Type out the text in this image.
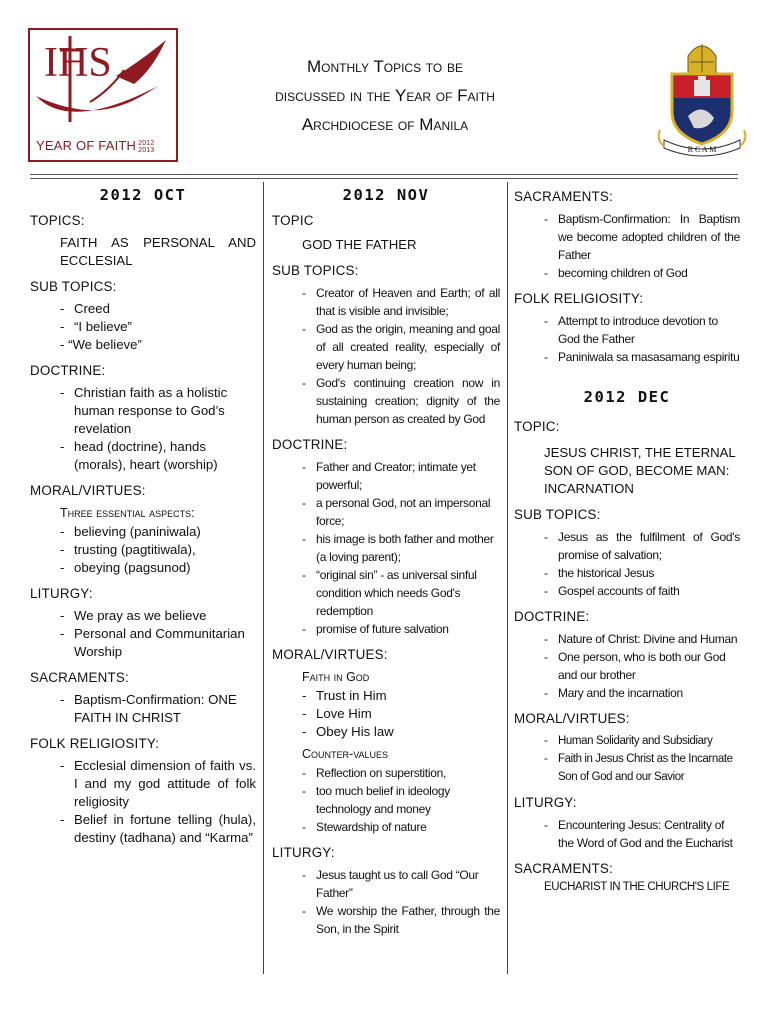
IHS
YEAR OF FAITH 2012
2013
Monthly Topics to be
discussed in the Year of Faith
Archdiocese of Manila
R C A M
2012 OCT
TOPICS:
FAITH AS PERSONAL AND ECCLESIAL
SUB TOPICS:
- Creed
- “I believe”
- “We believe”
DOCTRINE:
- Christian faith as a holistic human response to God’s revelation
- head (doctrine), hands (morals), heart (worship)
MORAL/VIRTUES:
Three essential aspects:
- believing (paniniwala)
- trusting (pagtitiwala),
- obeying (pagsunod)
LITURGY:
- We pray as we believe
- Personal and Communitarian Worship
SACRAMENTS:
- Baptism-Confirmation: ONE FAITH IN CHRIST
FOLK RELIGIOSITY:
- Ecclesial dimension of faith vs. I and my god attitude of folk religiosity
- Belief in fortune telling (hula), destiny (tadhana) and “Karma”
2012 NOV
TOPIC
GOD THE FATHER
SUB TOPICS:
- Creator of Heaven and Earth; of all that is visible and invisible;
- God as the origin, meaning and goal of all created reality, especially of every human being;
- God's continuing creation now in sustaining creation; dignity of the human person as created by God
DOCTRINE:
- Father and Creator; intimate yet powerful;
- a personal God, not an impersonal force;
- his image is both father and mother (a loving parent);
- “original sin” - as universal sinful condition which needs God's redemption
- promise of future salvation
MORAL/VIRTUES:
Faith in God
- Trust in Him
- Love Him
- Obey His law
Counter-values
- Reflection on superstition,
- too much belief in ideology technology and money
- Stewardship of nature
LITURGY:
- Jesus taught us to call God “Our Father”
- We worship the Father, through the Son, in the Spirit
SACRAMENTS:
- Baptism-Confirmation: In Baptism we become adopted children of the Father
- becoming children of God
FOLK RELIGIOSITY:
- Attempt to introduce devotion to God the Father
- Paniniwala sa masasamang espiritu
2012 DEC
TOPIC:
JESUS CHRIST, THE ETERNAL SON OF GOD, BECOME MAN: INCARNATION
SUB TOPICS:
- Jesus as the fulfilment of God's promise of salvation;
- the historical Jesus
- Gospel accounts of faith
DOCTRINE:
- Nature of Christ: Divine and Human
- One person, who is both our God and our brother
- Mary and the incarnation
MORAL/VIRTUES:
- Human Solidarity and Subsidiary
- Faith in Jesus Christ as the Incarnate Son of God and our Savior
LITURGY:
- Encountering Jesus: Centrality of the Word of God and the Eucharist
SACRAMENTS:
EUCHARIST IN THE CHURCH'S LIFE
